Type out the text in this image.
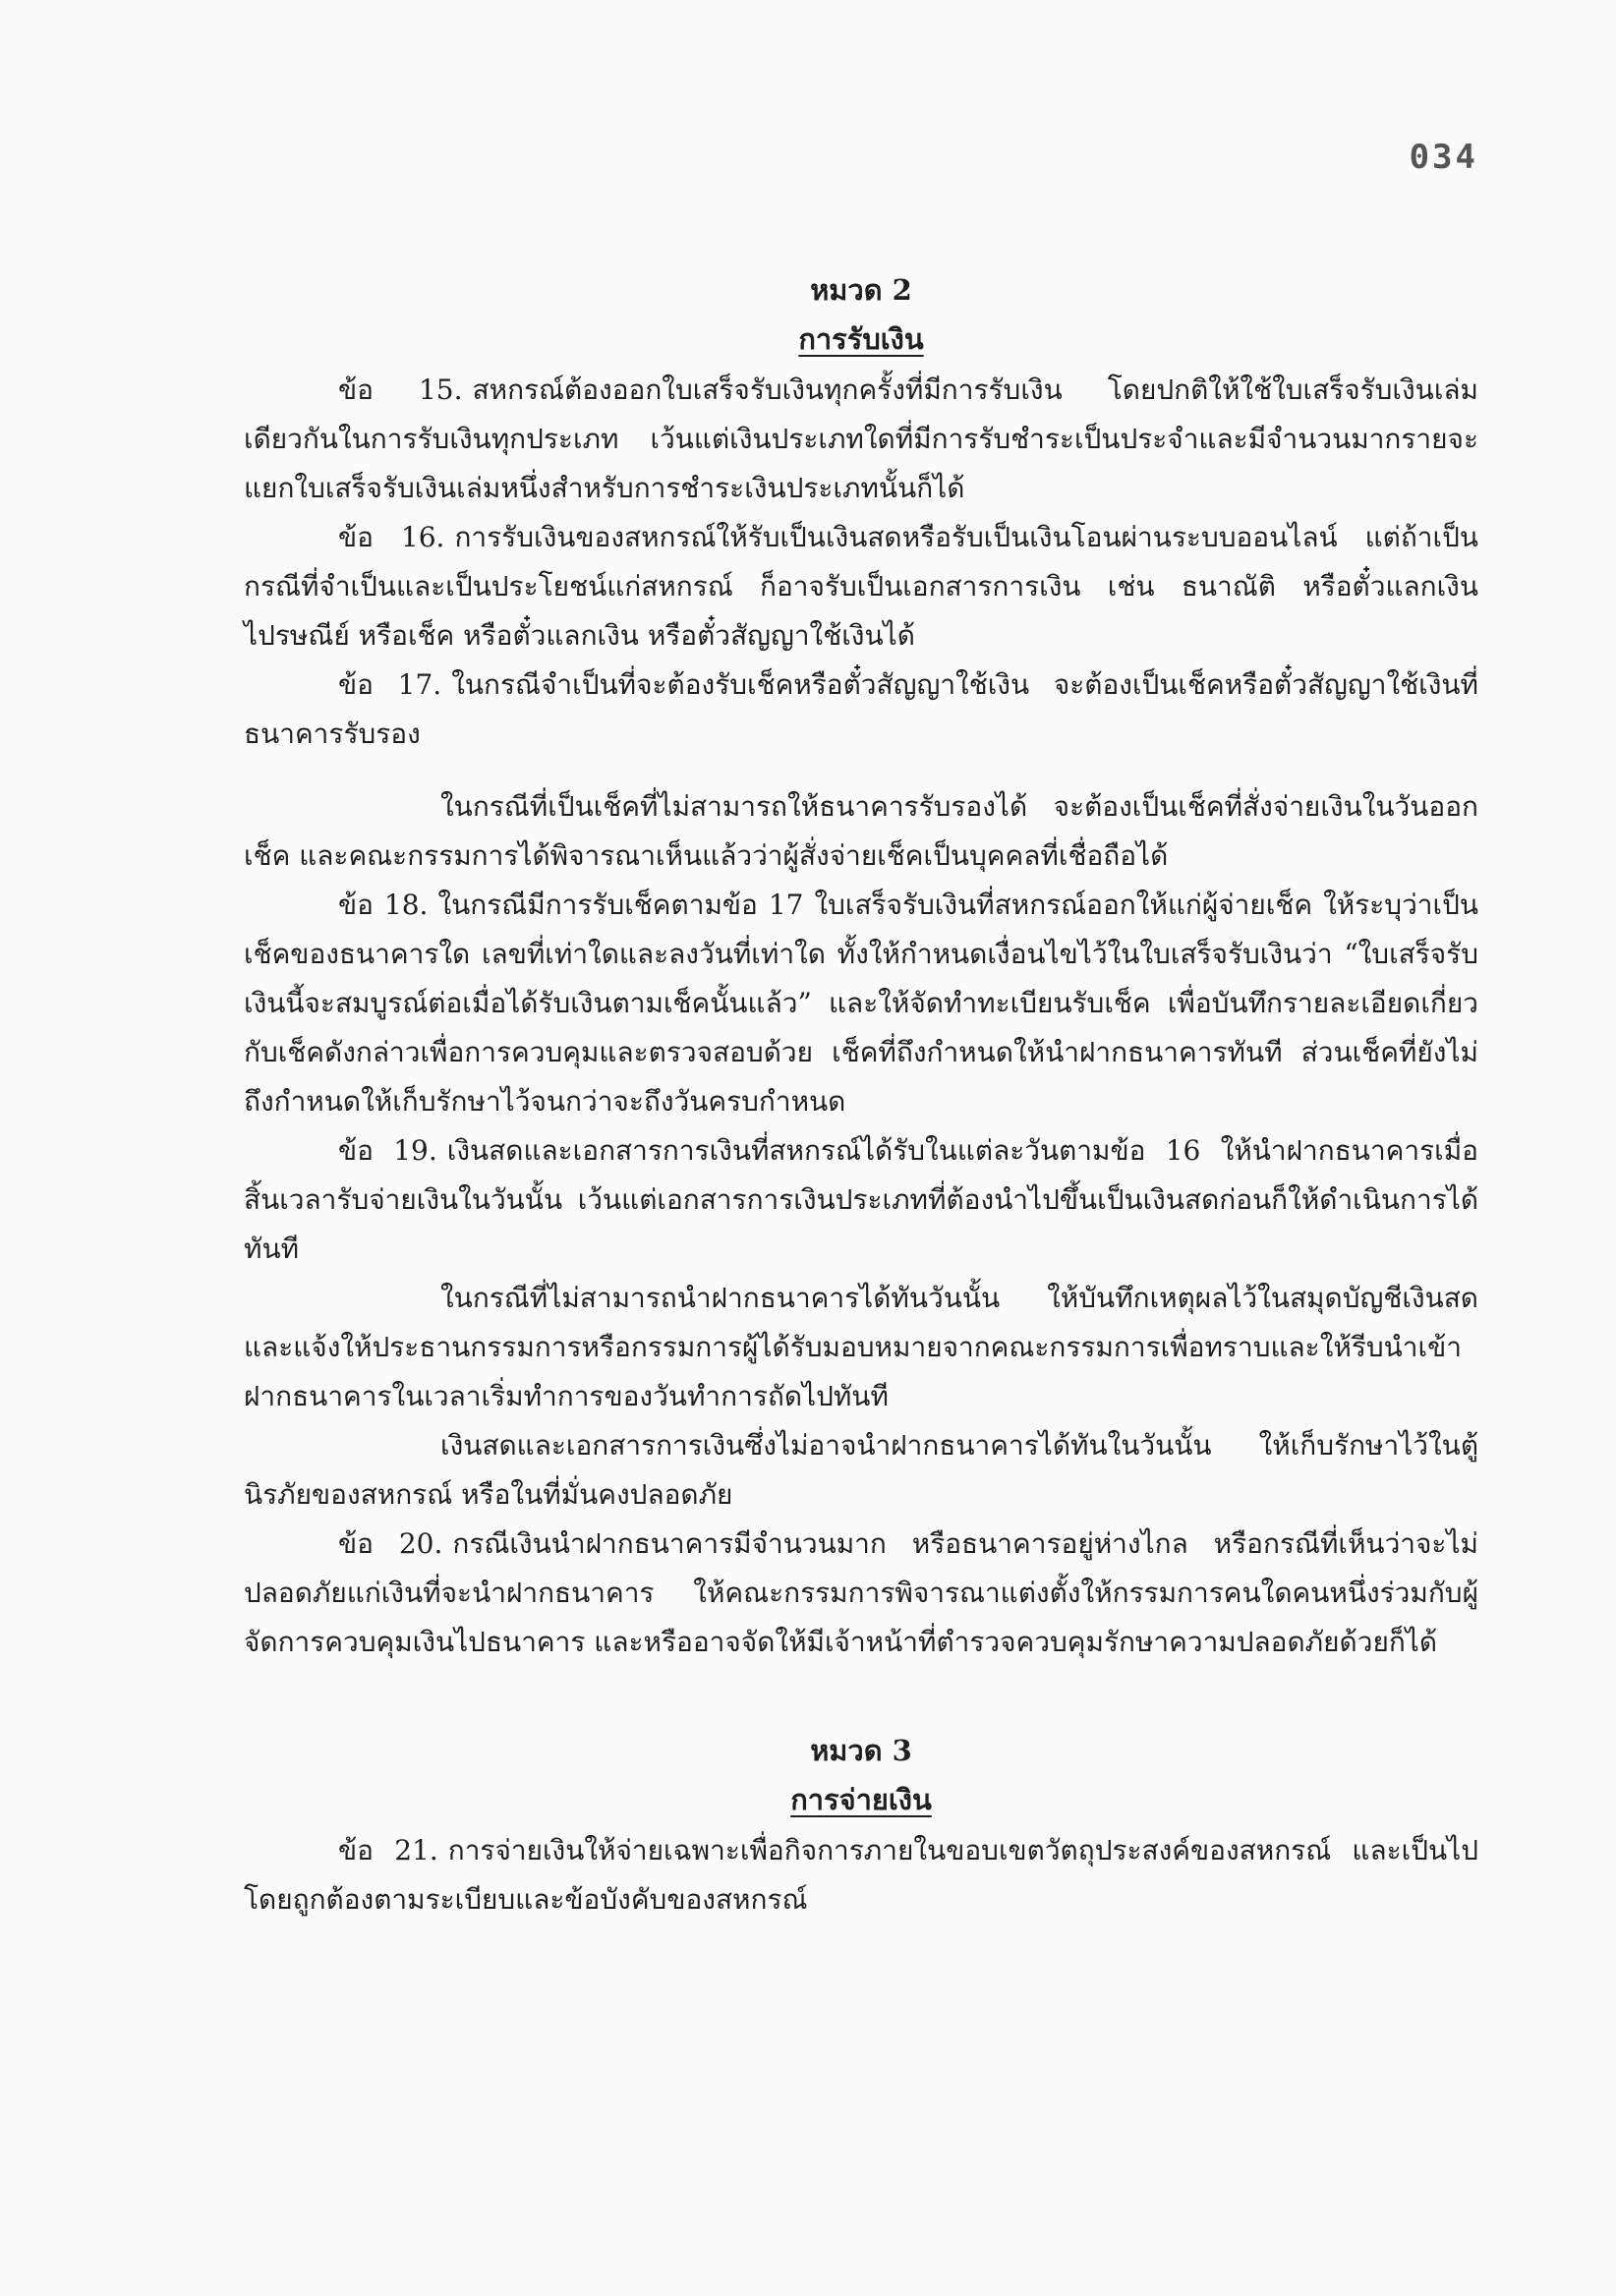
034

หมวด 2

การรับเงิน

ข้อ 15. สหกรณ์ต้องออกใบเสร็จรับเงินทุกครั้งที่มีการรับเงิน โดยปกติให้ใช้ใบเสร็จรับเงินเล่มเดียวกันในการรับเงินทุกประเภท เว้นแต่เงินประเภทใดที่มีการรับชำระเป็นประจำและมีจำนวนมากรายจะแยกใบเสร็จรับเงินเล่มหนึ่งสำหรับการชำระเงินประเภทนั้นก็ได้

ข้อ 16. การรับเงินของสหกรณ์ให้รับเป็นเงินสดหรือรับเป็นเงินโอนผ่านระบบออนไลน์ แต่ถ้าเป็นกรณีที่จำเป็นและเป็นประโยชน์แก่สหกรณ์ ก็อาจรับเป็นเอกสารการเงิน เช่น ธนาณัติ หรือตั๋วแลกเงินไปรษณีย์ หรือเช็ค หรือตั๋วแลกเงิน หรือตั๋วสัญญาใช้เงินได้

ข้อ 17. ในกรณีจำเป็นที่จะต้องรับเช็คหรือตั๋วสัญญาใช้เงิน จะต้องเป็นเช็คหรือตั๋วสัญญาใช้เงินที่ธนาคารรับรอง

ในกรณีที่เป็นเช็คที่ไม่สามารถให้ธนาคารรับรองได้ จะต้องเป็นเช็คที่สั่งจ่ายเงินในวันออกเช็ค และคณะกรรมการได้พิจารณาเห็นแล้วว่าผู้สั่งจ่ายเช็คเป็นบุคคลที่เชื่อถือได้

ข้อ 18. ในกรณีมีการรับเช็คตามข้อ 17 ใบเสร็จรับเงินที่สหกรณ์ออกให้แก่ผู้จ่ายเช็ค ให้ระบุว่าเป็นเช็คของธนาคารใด เลขที่เท่าใดและลงวันที่เท่าใด ทั้งให้กำหนดเงื่อนไขไว้ในใบเสร็จรับเงินว่า “ใบเสร็จรับเงินนี้จะสมบูรณ์ต่อเมื่อได้รับเงินตามเช็คนั้นแล้ว” และให้จัดทำทะเบียนรับเช็ค เพื่อบันทึกรายละเอียดเกี่ยวกับเช็คดังกล่าวเพื่อการควบคุมและตรวจสอบด้วย เช็คที่ถึงกำหนดให้นำฝากธนาคารทันที ส่วนเช็คที่ยังไม่ถึงกำหนดให้เก็บรักษาไว้จนกว่าจะถึงวันครบกำหนด

ข้อ 19. เงินสดและเอกสารการเงินที่สหกรณ์ได้รับในแต่ละวันตามข้อ 16 ให้นำฝากธนาคารเมื่อสิ้นเวลารับจ่ายเงินในวันนั้น เว้นแต่เอกสารการเงินประเภทที่ต้องนำไปขึ้นเป็นเงินสดก่อนก็ให้ดำเนินการได้ทันที

ในกรณีที่ไม่สามารถนำฝากธนาคารได้ทันวันนั้น ให้บันทึกเหตุผลไว้ในสมุดบัญชีเงินสด และแจ้งให้ประธานกรรมการหรือกรรมการผู้ได้รับมอบหมายจากคณะกรรมการเพื่อทราบและให้รีบนำเข้าฝากธนาคารในเวลาเริ่มทำการของวันทำการถัดไปทันที

เงินสดและเอกสารการเงินซึ่งไม่อาจนำฝากธนาคารได้ทันในวันนั้น ให้เก็บรักษาไว้ในตู้นิรภัยของสหกรณ์ หรือในที่มั่นคงปลอดภัย

ข้อ 20. กรณีเงินนำฝากธนาคารมีจำนวนมาก หรือธนาคารอยู่ห่างไกล หรือกรณีที่เห็นว่าจะไม่ปลอดภัยแก่เงินที่จะนำฝากธนาคาร ให้คณะกรรมการพิจารณาแต่งตั้งให้กรรมการคนใดคนหนึ่งร่วมกับผู้จัดการควบคุมเงินไปธนาคาร และหรืออาจจัดให้มีเจ้าหน้าที่ตำรวจควบคุมรักษาความปลอดภัยด้วยก็ได้

หมวด 3

การจ่ายเงิน

ข้อ 21. การจ่ายเงินให้จ่ายเฉพาะเพื่อกิจการภายในขอบเขตวัตถุประสงค์ของสหกรณ์ และเป็นไปโดยถูกต้องตามระเบียบและข้อบังคับของสหกรณ์
